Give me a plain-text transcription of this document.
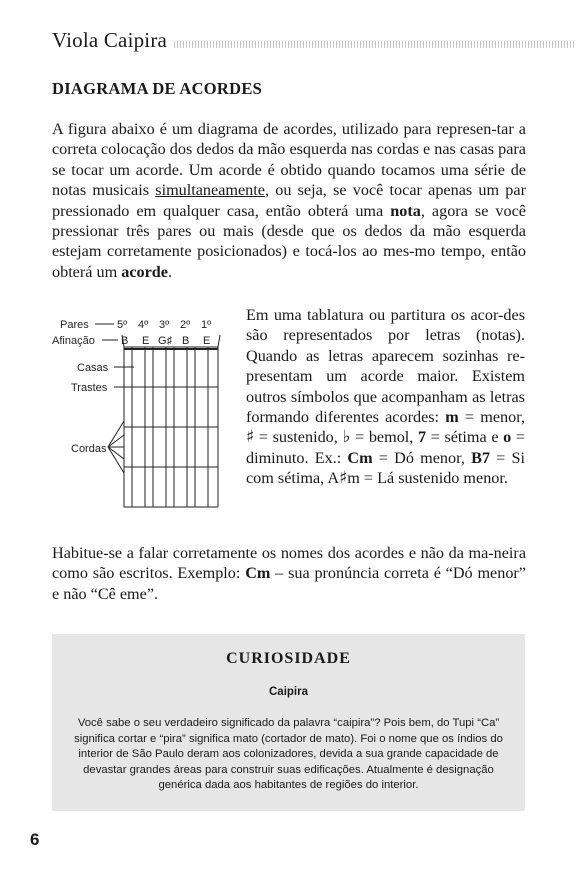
Viola Caipira
DIAGRAMA DE ACORDES

A figura abaixo é um diagrama de acordes, utilizado para represen-tar a correta colocação dos dedos da mão esquerda nas cordas e nas casas para se tocar um acorde. Um acorde é obtido quando tocamos uma série de notas musicais simultaneamente, ou seja, se você tocar apenas um par pressionado em qualquer casa, então obterá uma nota, agora se você pressionar três pares ou mais (desde que os dedos da mão esquerda estejam corretamente posicionados) e tocá-los ao mes-mo tempo, então obterá um acorde.

Pares
Afinação
Casas
Trastes
Cordas
5º 4º 3º 2º 1º
B E G♯ B E

Em uma tablatura ou partitura os acor-des são representados por letras (notas). Quando as letras aparecem sozinhas re-presentam um acorde maior. Existem outros símbolos que acompanham as letras formando diferentes acordes: m = menor, ♯ = sustenido, ♭ = bemol, 7 = sétima e o = diminuto. Ex.: Cm = Dó menor, B7 = Si com sétima, A♯m = Lá sustenido menor.

Habitue-se a falar corretamente os nomes dos acordes e não da ma-neira como são escritos. Exemplo: Cm – sua pronúncia correta é “Dó menor” e não “Cê eme”.

CURIOSIDADE
Caipira

Você sabe o seu verdadeiro significado da palavra “caipira”? Pois bem, do Tupi “Ca” significa cortar e “pira” significa mato (cortador de mato). Foi o nome que os índios do interior de São Paulo deram aos colonizadores, devida a sua grande capacidade de devastar grandes áreas para construir suas edificações. Atualmente é designação genérica dada aos habitantes de regiões do interior.

6
